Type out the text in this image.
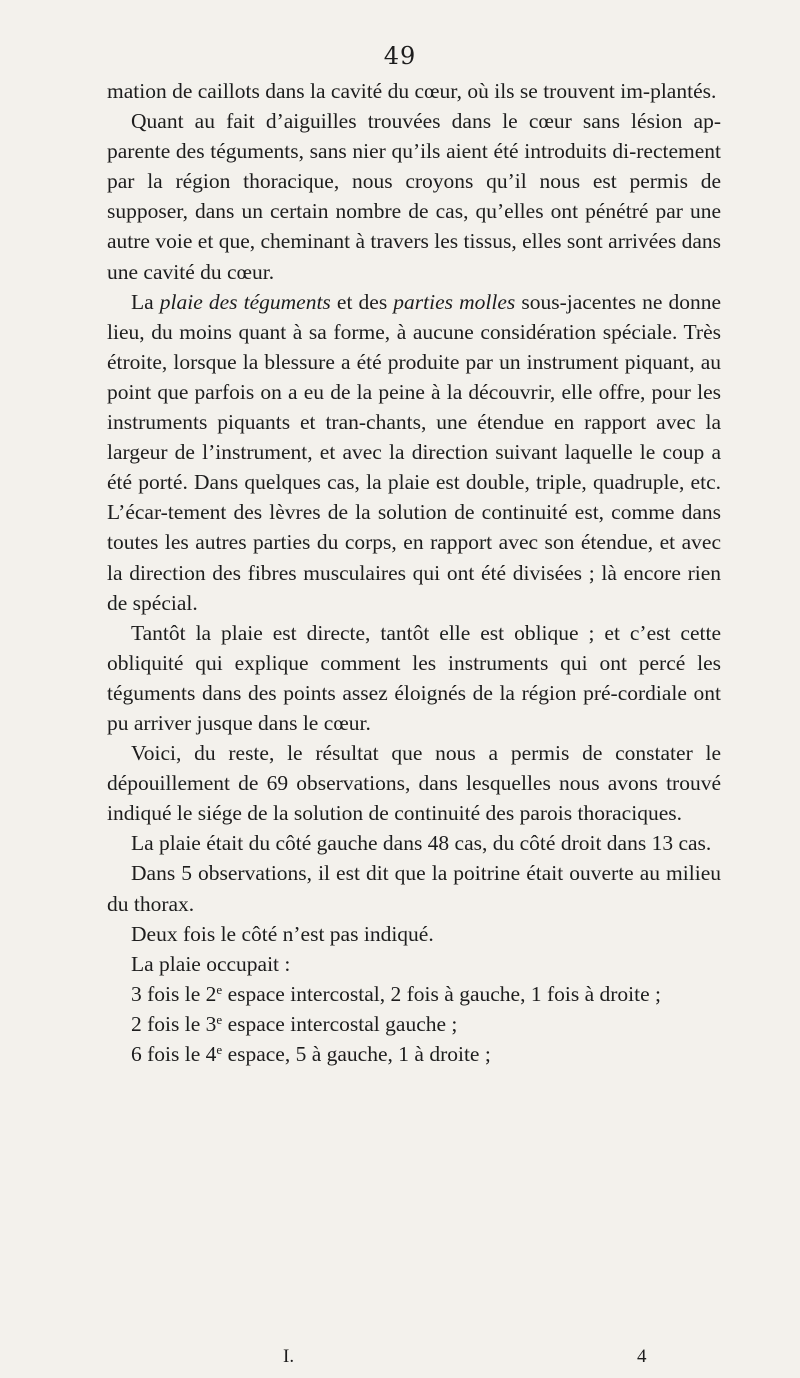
49

mation de caillots dans la cavité du cœur, où ils se trouvent im-plantés.

Quant au fait d’aiguilles trouvées dans le cœur sans lésion ap-parente des téguments, sans nier qu’ils aient été introduits di-rectement par la région thoracique, nous croyons qu’il nous est permis de supposer, dans un certain nombre de cas, qu’elles ont pénétré par une autre voie et que, cheminant à travers les tissus, elles sont arrivées dans une cavité du cœur.

La plaie des téguments et des parties molles sous-jacentes ne donne lieu, du moins quant à sa forme, à aucune considération spéciale. Très étroite, lorsque la blessure a été produite par un instrument piquant, au point que parfois on a eu de la peine à la découvrir, elle offre, pour les instruments piquants et tran-chants, une étendue en rapport avec la largeur de l’instrument, et avec la direction suivant laquelle le coup a été porté. Dans quelques cas, la plaie est double, triple, quadruple, etc. L’écar-tement des lèvres de la solution de continuité est, comme dans toutes les autres parties du corps, en rapport avec son étendue, et avec la direction des fibres musculaires qui ont été divisées ; là encore rien de spécial.

Tantôt la plaie est directe, tantôt elle est oblique ; et c’est cette obliquité qui explique comment les instruments qui ont percé les téguments dans des points assez éloignés de la région pré-cordiale ont pu arriver jusque dans le cœur.

Voici, du reste, le résultat que nous a permis de constater le dépouillement de 69 observations, dans lesquelles nous avons trouvé indiqué le siége de la solution de continuité des parois thoraciques.

La plaie était du côté gauche dans 48 cas, du côté droit dans 13 cas.

Dans 5 observations, il est dit que la poitrine était ouverte au milieu du thorax.

Deux fois le côté n’est pas indiqué.

La plaie occupait :

3 fois le 2e espace intercostal, 2 fois à gauche, 1 fois à droite ;

2 fois le 3e espace intercostal gauche ;

6 fois le 4e espace, 5 à gauche, 1 à droite ;

I.	4
